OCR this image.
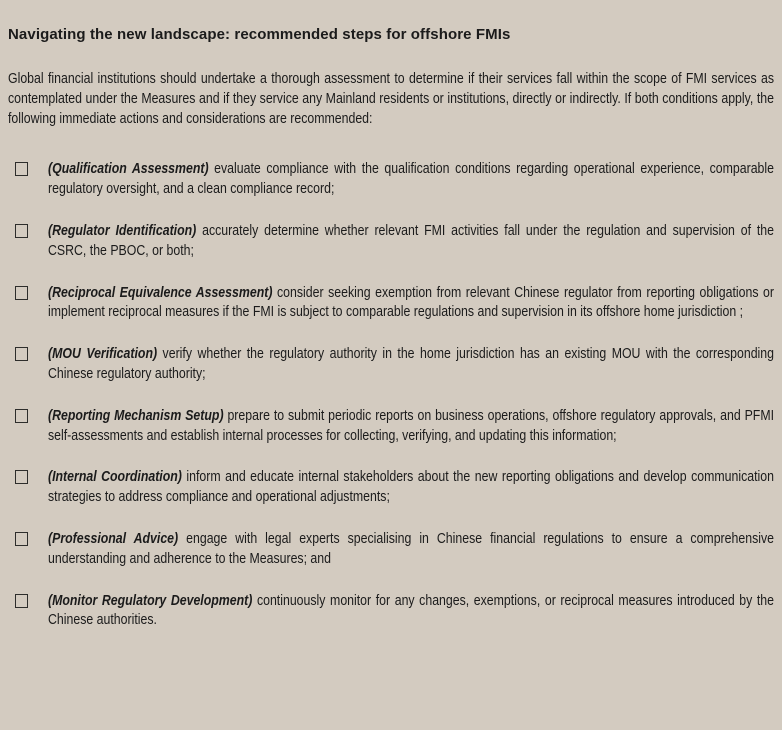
Navigating the new landscape: recommended steps for offshore FMIs

Global financial institutions should undertake a thorough assessment to determine if their services fall within the scope of FMI services as contemplated under the Measures and if they service any Mainland residents or institutions, directly or indirectly. If both conditions apply, the following immediate actions and considerations are recommended:

(Qualification Assessment) evaluate compliance with the qualification conditions regarding operational experience, comparable regulatory oversight, and a clean compliance record;

(Regulator Identification) accurately determine whether relevant FMI activities fall under the regulation and supervision of the CSRC, the PBOC, or both;

(Reciprocal Equivalence Assessment) consider seeking exemption from relevant Chinese regulator from reporting obligations or implement reciprocal measures if the FMI is subject to comparable regulations and supervision in its offshore home jurisdiction ;

(MOU Verification) verify whether the regulatory authority in the home jurisdiction has an existing MOU with the corresponding Chinese regulatory authority;

(Reporting Mechanism Setup) prepare to submit periodic reports on business operations, offshore regulatory approvals, and PFMI self-assessments and establish internal processes for collecting, verifying, and updating this information;

(Internal Coordination) inform and educate internal stakeholders about the new reporting obligations and develop communication strategies to address compliance and operational adjustments;

(Professional Advice) engage with legal experts specialising in Chinese financial regulations to ensure a comprehensive understanding and adherence to the Measures; and

(Monitor Regulatory Development) continuously monitor for any changes, exemptions, or reciprocal measures introduced by the Chinese authorities.
